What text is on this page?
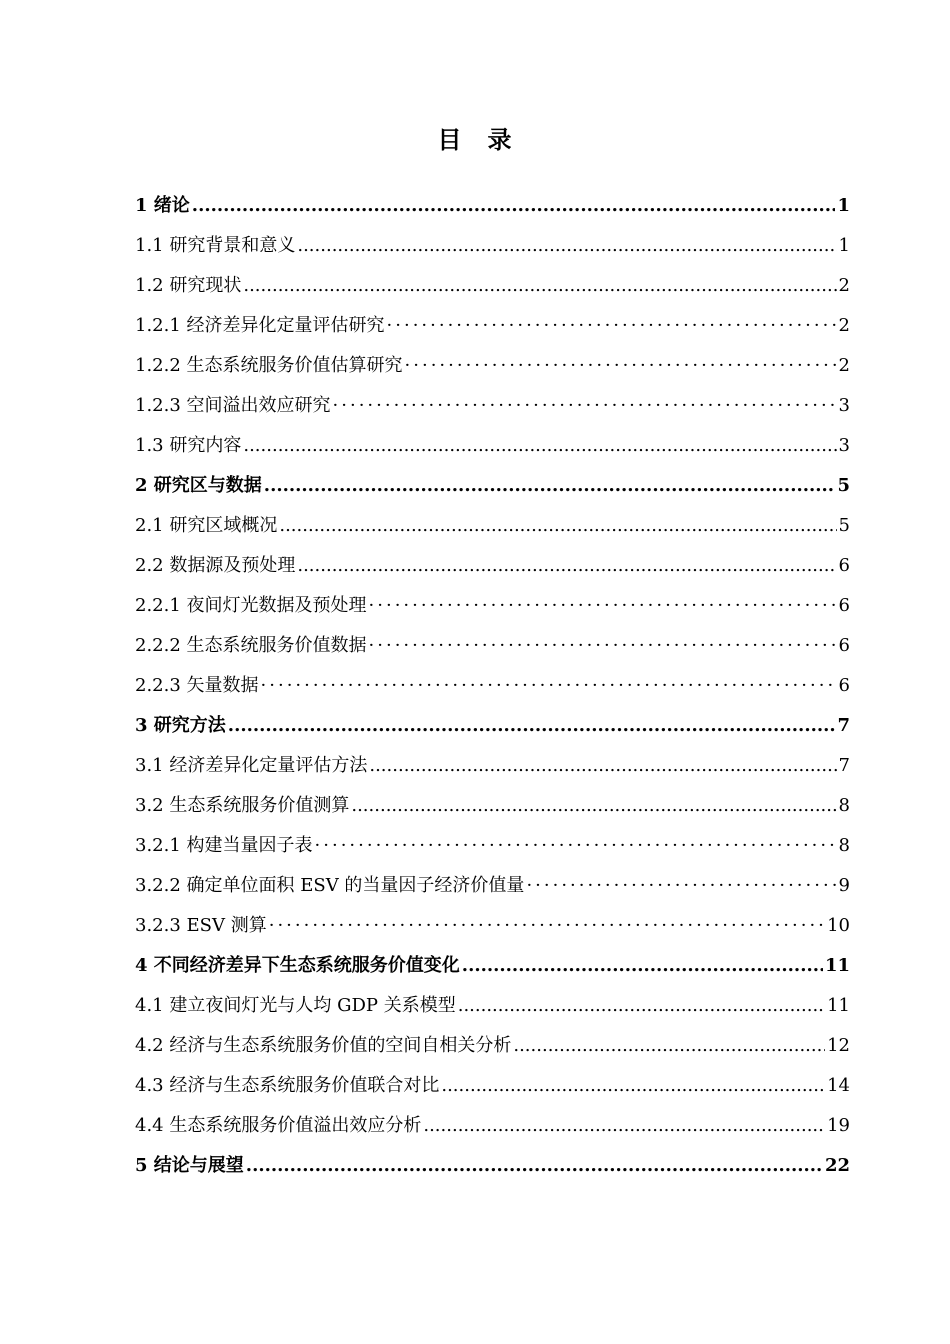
目　录
1 绪论 .....	1
1.1 研究背景和意义 .....	1
1.2 研究现状 .....	2
1.2.1 经济差异化定量评估研究 ·····	2
1.2.2 生态系统服务价值估算研究 ·····	2
1.2.3 空间溢出效应研究 ·····	3
1.3 研究内容 .....	3
2 研究区与数据 .....	5
2.1 研究区域概况 .....	5
2.2 数据源及预处理 .....	6
2.2.1 夜间灯光数据及预处理 ·····	6
2.2.2 生态系统服务价值数据 ·····	6
2.2.3 矢量数据 ·····	6
3 研究方法 .....	7
3.1 经济差异化定量评估方法 .....	7
3.2 生态系统服务价值测算 .....	8
3.2.1 构建当量因子表 ·····	8
3.2.2 确定单位面积 ESV 的当量因子经济价值量 ·····	9
3.2.3 ESV 测算 ·····	10
4 不同经济差异下生态系统服务价值变化 .....	11
4.1 建立夜间灯光与人均 GDP 关系模型 .....	11
4.2 经济与生态系统服务价值的空间自相关分析 .....	12
4.3 经济与生态系统服务价值联合对比 .....	14
4.4 生态系统服务价值溢出效应分析 .....	19
5 结论与展望 .....	22
